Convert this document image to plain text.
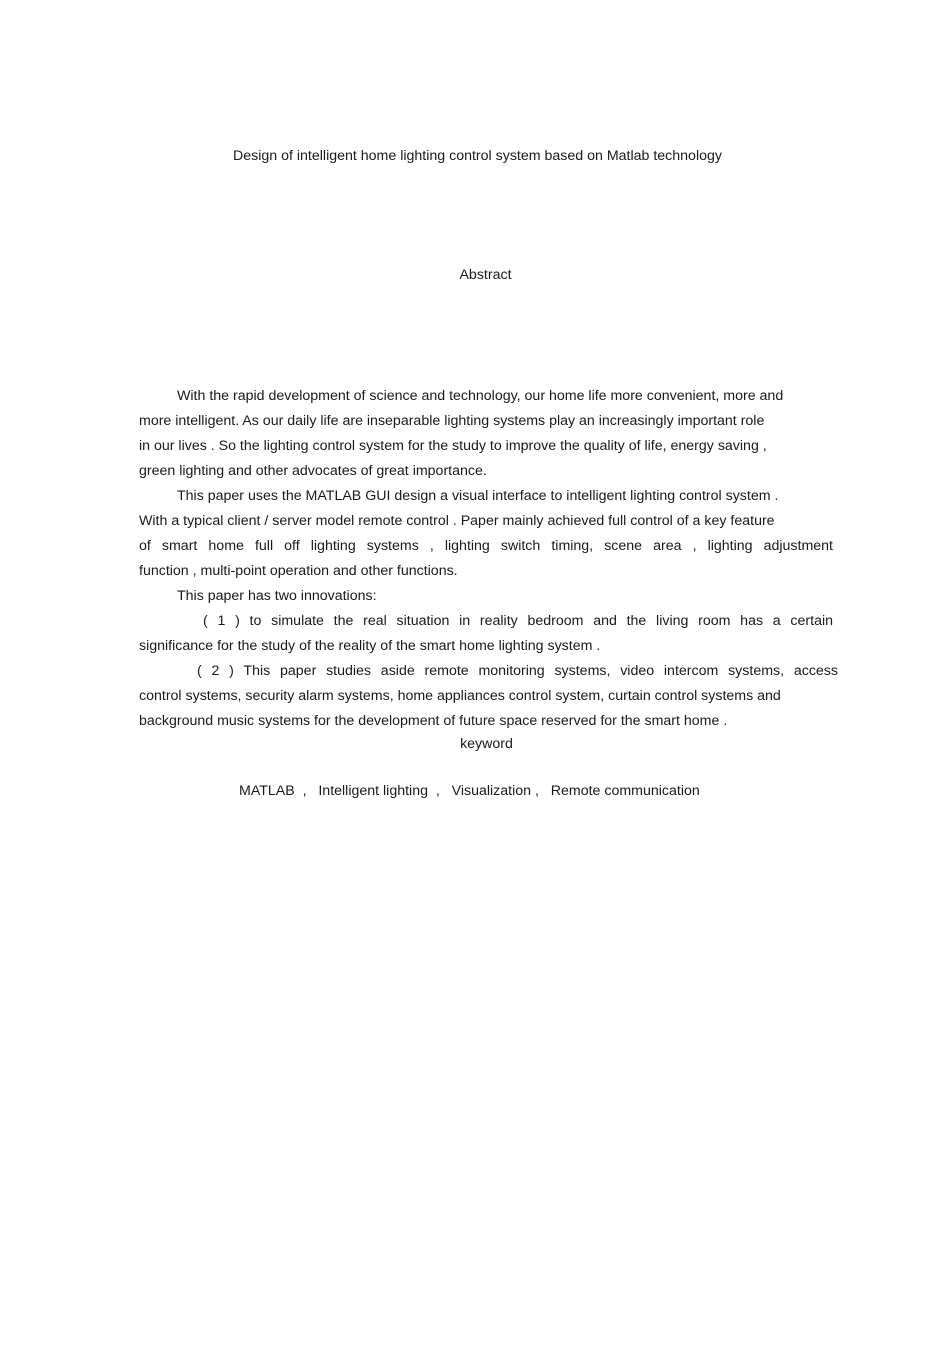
Design of intelligent home lighting control system based on Matlab technology
Abstract
With the rapid development of science and technology, our home life more convenient, more and
more intelligent. As our daily life are inseparable lighting systems play an increasingly important role
in our lives . So the lighting control system for the study to improve the quality of life, energy saving ,
green lighting and other advocates of great importance.
This paper uses the MATLAB GUI design a visual interface to intelligent lighting control system .
With a typical client / server model remote control . Paper mainly achieved full control of a key feature
of smart home full off lighting systems , lighting switch timing, scene area , lighting adjustment
function , multi-point operation and other functions.
This paper has two innovations:
( 1 ) to simulate the real situation in reality bedroom and the living room has a certain
significance for the study of the reality of the smart home lighting system .
( 2 ) This paper studies aside remote monitoring systems, video intercom systems, access
control systems, security alarm systems, home appliances control system, curtain control systems and
background music systems for the development of future space reserved for the smart home .
keyword
MATLAB  ,   Intelligent lighting  ,   Visualization ,   Remote communication
